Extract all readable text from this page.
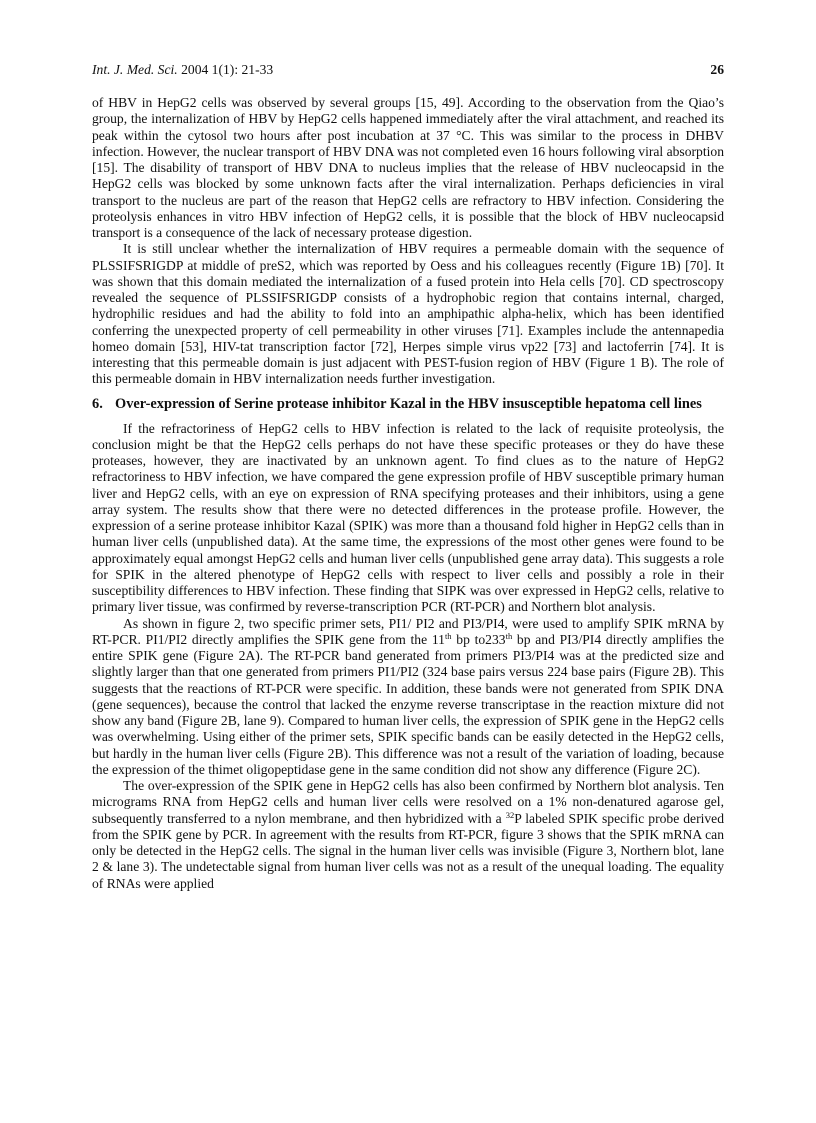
Int. J. Med. Sci. 2004 1(1): 21-33	26

of HBV in HepG2 cells was observed by several groups [15, 49]. According to the observation from the Qiao’s group, the internalization of HBV by HepG2 cells happened immediately after the viral attachment, and reached its peak within the cytosol two hours after post incubation at 37 °C. This was similar to the process in DHBV infection. However, the nuclear transport of HBV DNA was not completed even 16 hours following viral absorption [15]. The disability of transport of HBV DNA to nucleus implies that the release of HBV nucleocapsid in the HepG2 cells was blocked by some unknown facts after the viral internalization. Perhaps deficiencies in viral transport to the nucleus are part of the reason that HepG2 cells are refractory to HBV infection. Considering the proteolysis enhances in vitro HBV infection of HepG2 cells, it is possible that the block of HBV nucleocapsid transport is a consequence of the lack of necessary protease digestion.

It is still unclear whether the internalization of HBV requires a permeable domain with the sequence of PLSSIFSRIGDP at middle of preS2, which was reported by Oess and his colleagues recently (Figure 1B) [70]. It was shown that this domain mediated the internalization of a fused protein into Hela cells [70]. CD spectroscopy revealed the sequence of PLSSIFSRIGDP consists of a hydrophobic region that contains internal, charged, hydrophilic residues and had the ability to fold into an amphipathic alpha-helix, which has been identified conferring the unexpected property of cell permeability in other viruses [71]. Examples include the antennapedia homeo domain [53], HIV-tat transcription factor [72], Herpes simple virus vp22 [73] and lactoferrin [74]. It is interesting that this permeable domain is just adjacent with PEST-fusion region of HBV (Figure 1 B). The role of this permeable domain in HBV internalization needs further investigation.

6. Over-expression of Serine protease inhibitor Kazal in the HBV insusceptible hepatoma cell lines

If the refractoriness of HepG2 cells to HBV infection is related to the lack of requisite proteolysis, the conclusion might be that the HepG2 cells perhaps do not have these specific proteases or they do have these proteases, however, they are inactivated by an unknown agent. To find clues as to the nature of HepG2 refractoriness to HBV infection, we have compared the gene expression profile of HBV susceptible primary human liver and HepG2 cells, with an eye on expression of RNA specifying proteases and their inhibitors, using a gene array system. The results show that there were no detected differences in the protease profile. However, the expression of a serine protease inhibitor Kazal (SPIK) was more than a thousand fold higher in HepG2 cells than in human liver cells (unpublished data). At the same time, the expressions of the most other genes were found to be approximately equal amongst HepG2 cells and human liver cells (unpublished gene array data). This suggests a role for SPIK in the altered phenotype of HepG2 cells with respect to liver cells and possibly a role in their susceptibility differences to HBV infection. These finding that SIPK was over expressed in HepG2 cells, relative to primary liver tissue, was confirmed by reverse-transcription PCR (RT-PCR) and Northern blot analysis.

As shown in figure 2, two specific primer sets, PI1/ PI2 and PI3/PI4, were used to amplify SPIK mRNA by RT-PCR. PI1/PI2 directly amplifies the SPIK gene from the 11th bp to233th bp and PI3/PI4 directly amplifies the entire SPIK gene (Figure 2A). The RT-PCR band generated from primers PI3/PI4 was at the predicted size and slightly larger than that one generated from primers PI1/PI2 (324 base pairs versus 224 base pairs (Figure 2B). This suggests that the reactions of RT-PCR were specific. In addition, these bands were not generated from SPIK DNA (gene sequences), because the control that lacked the enzyme reverse transcriptase in the reaction mixture did not show any band (Figure 2B, lane 9). Compared to human liver cells, the expression of SPIK gene in the HepG2 cells was overwhelming. Using either of the primer sets, SPIK specific bands can be easily detected in the HepG2 cells, but hardly in the human liver cells (Figure 2B). This difference was not a result of the variation of loading, because the expression of the thimet oligopeptidase gene in the same condition did not show any difference (Figure 2C).

The over-expression of the SPIK gene in HepG2 cells has also been confirmed by Northern blot analysis. Ten micrograms RNA from HepG2 cells and human liver cells were resolved on a 1% non-denatured agarose gel, subsequently transferred to a nylon membrane, and then hybridized with a $^{32}$P labeled SPIK specific probe derived from the SPIK gene by PCR. In agreement with the results from RT-PCR, figure 3 shows that the SPIK mRNA can only be detected in the HepG2 cells. The signal in the human liver cells was invisible (Figure 3, Northern blot, lane 2 & lane 3). The undetectable signal from human liver cells was not as a result of the unequal loading. The equality of RNAs were applied
